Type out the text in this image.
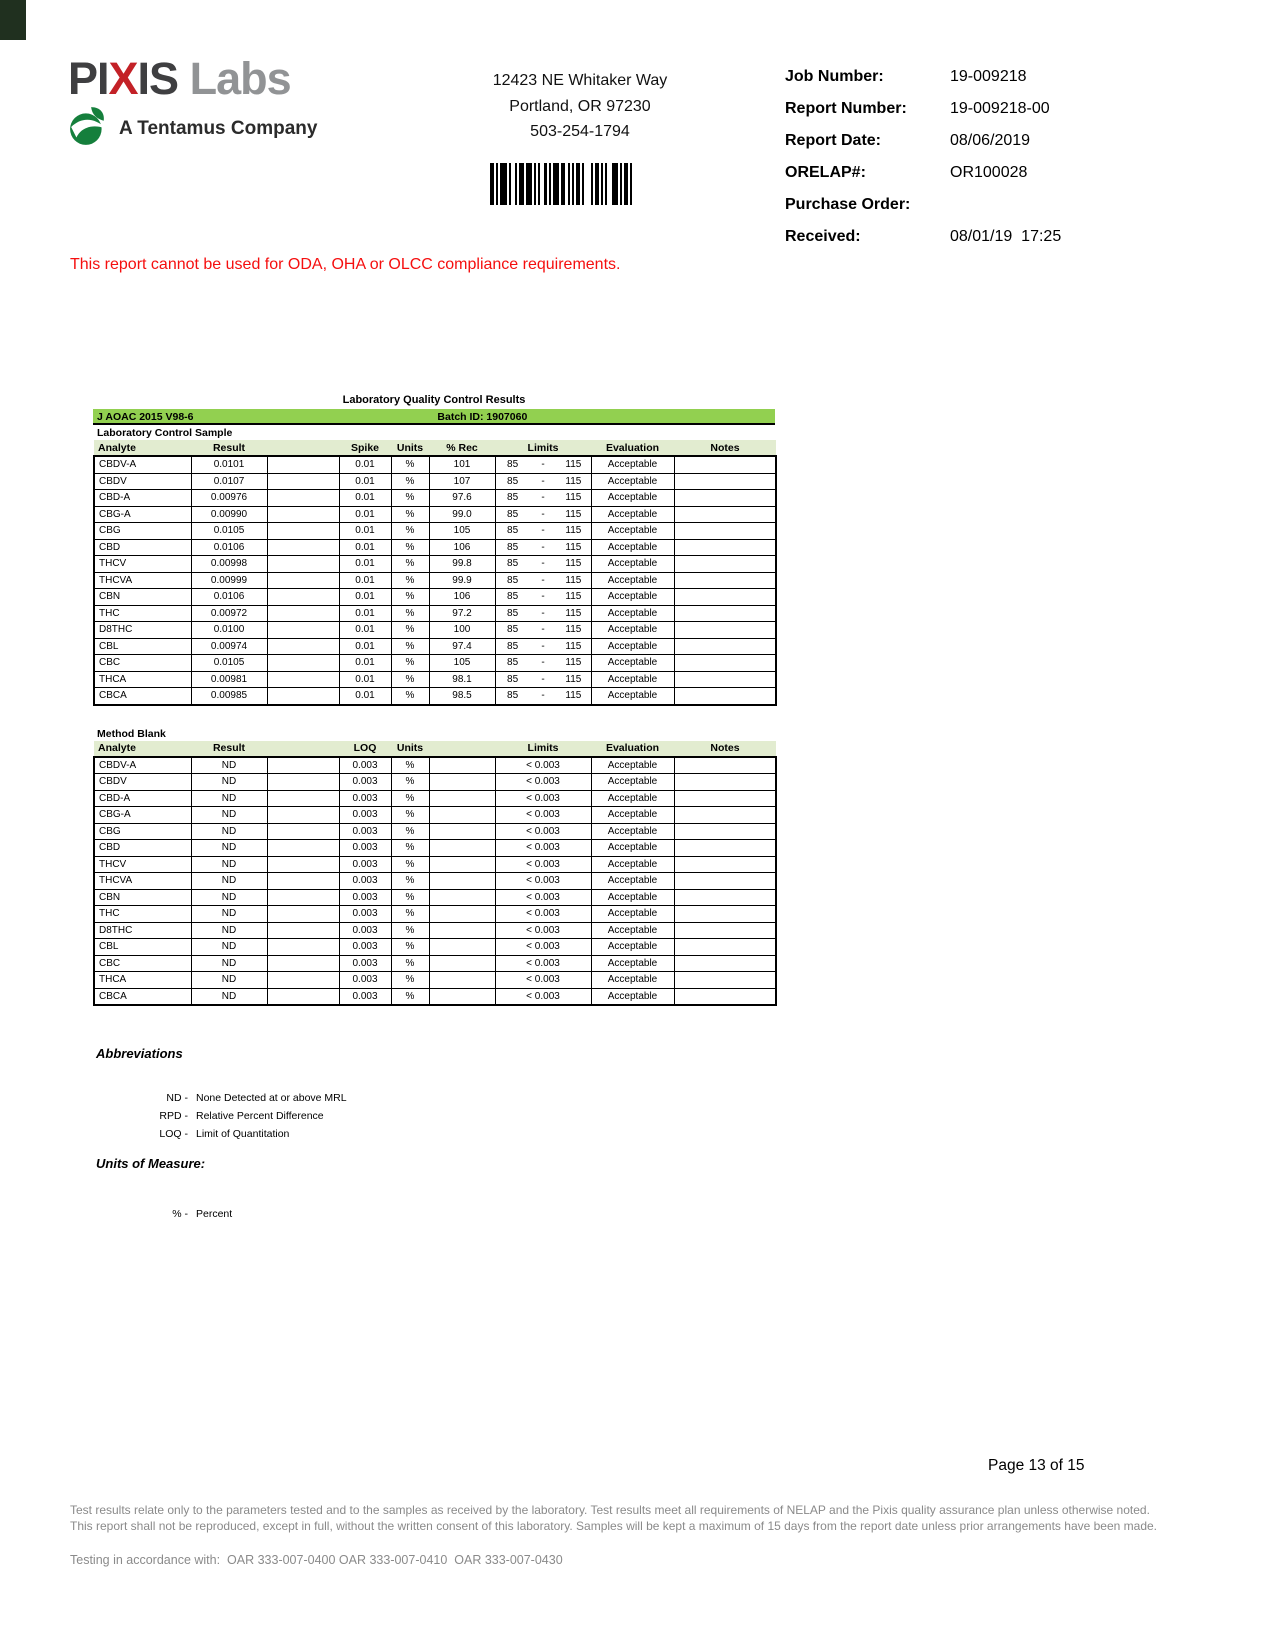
PIXIS Labs
A Tentamus Company
12423 NE Whitaker Way
Portland, OR 97230
503-254-1794
Job Number:	19-009218
Report Number:	19-009218-00
Report Date:	08/06/2019
ORELAP#:	OR100028
Purchase Order:
Received:	08/01/19  17:25
This report cannot be used for ODA, OHA or OLCC compliance requirements.
Laboratory Quality Control Results
J AOAC 2015 V98-6	Batch ID: 1907060
Laboratory Control Sample
Analyte	Result		Spike	Units	% Rec	Limits	Evaluation	Notes
CBDV-A	0.0101		0.01	%	101	85 - 115	Acceptable	
CBDV	0.0107		0.01	%	107	85 - 115	Acceptable	
CBD-A	0.00976		0.01	%	97.6	85 - 115	Acceptable	
CBG-A	0.00990		0.01	%	99.0	85 - 115	Acceptable	
CBG	0.0105		0.01	%	105	85 - 115	Acceptable	
CBD	0.0106		0.01	%	106	85 - 115	Acceptable	
THCV	0.00998		0.01	%	99.8	85 - 115	Acceptable	
THCVA	0.00999		0.01	%	99.9	85 - 115	Acceptable	
CBN	0.0106		0.01	%	106	85 - 115	Acceptable	
THC	0.00972		0.01	%	97.2	85 - 115	Acceptable	
D8THC	0.0100		0.01	%	100	85 - 115	Acceptable	
CBL	0.00974		0.01	%	97.4	85 - 115	Acceptable	
CBC	0.0105		0.01	%	105	85 - 115	Acceptable	
THCA	0.00981		0.01	%	98.1	85 - 115	Acceptable	
CBCA	0.00985		0.01	%	98.5	85 - 115	Acceptable	
Method Blank
Analyte	Result		LOQ	Units		Limits	Evaluation	Notes
CBDV-A	ND		0.003	%		< 0.003	Acceptable	
CBDV	ND		0.003	%		< 0.003	Acceptable	
CBD-A	ND		0.003	%		< 0.003	Acceptable	
CBG-A	ND		0.003	%		< 0.003	Acceptable	
CBG	ND		0.003	%		< 0.003	Acceptable	
CBD	ND		0.003	%		< 0.003	Acceptable	
THCV	ND		0.003	%		< 0.003	Acceptable	
THCVA	ND		0.003	%		< 0.003	Acceptable	
CBN	ND		0.003	%		< 0.003	Acceptable	
THC	ND		0.003	%		< 0.003	Acceptable	
D8THC	ND		0.003	%		< 0.003	Acceptable	
CBL	ND		0.003	%		< 0.003	Acceptable	
CBC	ND		0.003	%		< 0.003	Acceptable	
THCA	ND		0.003	%		< 0.003	Acceptable	
CBCA	ND		0.003	%		< 0.003	Acceptable	
Abbreviations
ND - None Detected at or above MRL
RPD - Relative Percent Difference
LOQ - Limit of Quantitation
Units of Measure:
% - Percent
Page 13 of 15

Test results relate only to the parameters tested and to the samples as received by the laboratory. Test results meet all requirements of NELAP and the Pixis quality assurance plan unless otherwise noted. This report shall not be reproduced, except in full, without the written consent of this laboratory. Samples will be kept a maximum of 15 days from the report date unless prior arrangements have been made.

Testing in accordance with:  OAR 333-007-0400 OAR 333-007-0410  OAR 333-007-0430
